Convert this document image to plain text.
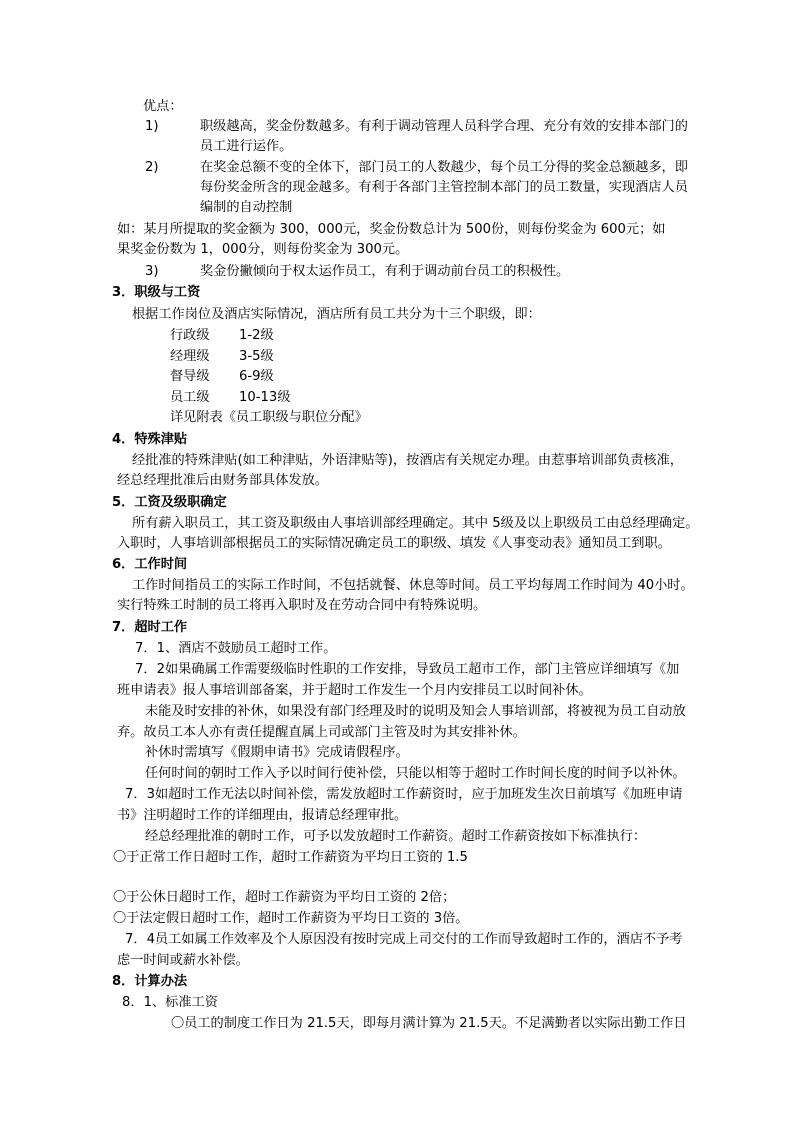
优点：
1)	职级越高，奖金份数越多。有利于调动管理人员科学合理、充分有效的安排本部门的
员工进行运作。
2)	在奖金总额不变的全体下，部门员工的人数越少，每个员工分得的奖金总额越多，即
每份奖金所含的现金越多。有利于各部门主管控制本部门的员工数量，实现酒店人员
编制的自动控制
如：某月所提取的奖金额为 300，000元，奖金份数总计为 500份，则每份奖金为 600元；如
果奖金份数为 1，000分，则每份奖金为 300元。
3)	奖金份撇倾向于权太运作员工，有利于调动前台员工的积极性。
3．职级与工资
根据工作岗位及酒店实际情况，酒店所有员工共分为十三个职级，即：
行政级 1-2级
经理级 3-5级
督导级 6-9级
员工级 10-13级
详见附表《员工职级与职位分配》
4．特殊津贴
经批准的特殊津贴(如工种津贴，外语津贴等)，按酒店有关规定办理。由惹事培训部负责核准，
经总经理批准后由财务部具体发放。
5．工资及级职确定
所有薪入职员工，其工资及职级由人事培训部经理确定。其中 5级及以上职级员工由总经理确定。
入职时，人事培训部根据员工的实际情况确定员工的职级、填发《人事变动表》通知员工到职。
6．工作时间
工作时间指员工的实际工作时间，不包括就餐、休息等时间。员工平均每周工作时间为 40小时。
实行特殊工时制的员工将再入职时及在劳动合同中有特殊说明。
7．超时工作
7．1、酒店不鼓励员工超时工作。
7．2如果确属工作需要级临时性职的工作安排，导致员工超市工作，部门主管应详细填写《加
班申请表》报人事培训部备案，并于超时工作发生一个月内安排员工以时间补休。
未能及时安排的补休，如果没有部门经理及时的说明及知会人事培训部，将被视为员工自动放
弃。故员工本人亦有责任提醒直属上司或部门主管及时为其安排补休。
补休时需填写《假期申请书》完成请假程序。
任何时间的朝时工作入予以时间行使补偿，只能以相等于超时工作时间长度的时间予以补休。
7．3如超时工作无法以时间补偿，需发放超时工作薪资时，应于加班发生次日前填写《加班申请
书》注明超时工作的详细理由，报请总经理审批。
经总经理批准的朝时工作，可予以发放超时工作薪资。超时工作薪资按如下标准执行：
〇于正常工作日超时工作，超时工作薪资为平均日工资的 1.5
〇于公休日超时工作，超时工作薪资为平均日工资的 2倍；
〇于法定假日超时工作，超时工作薪资为平均日工资的 3倍。
7．4员工如属工作效率及个人原因没有按时完成上司交付的工作而导致超时工作的，酒店不予考
虑一时间或薪水补偿。
8．计算办法
8．1、标准工资
〇员工的制度工作日为 21.5天，即每月满计算为 21.5天。不足满勤者以实际出勤工作日
